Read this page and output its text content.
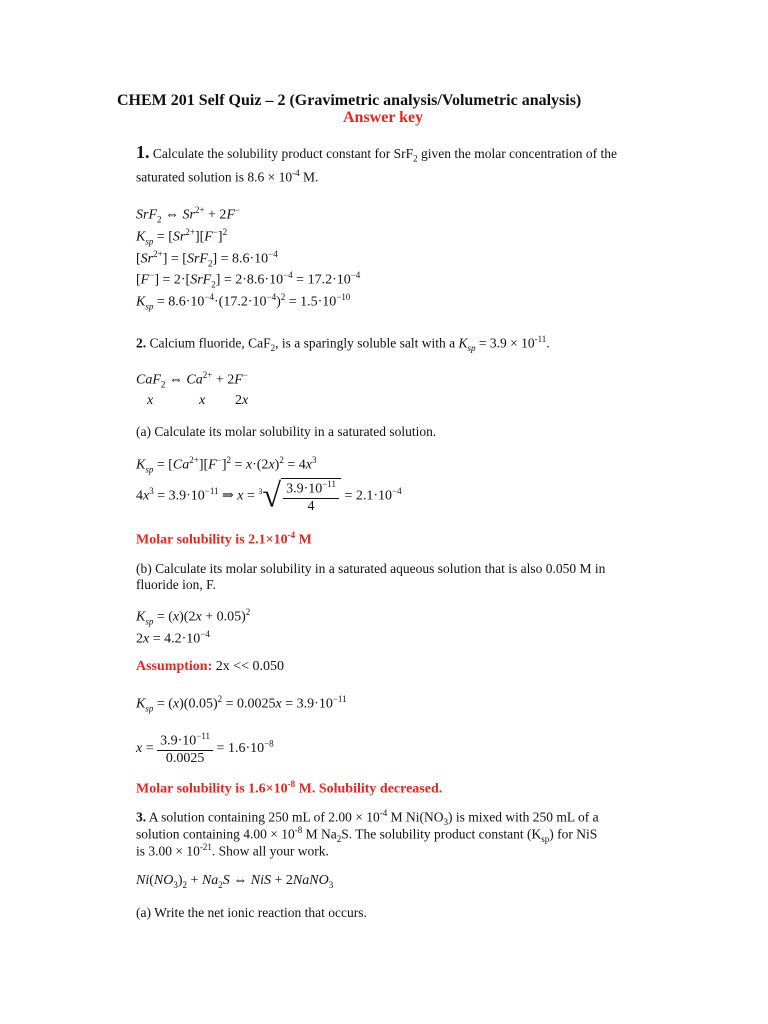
CHEM 201 Self Quiz – 2 (Gravimetric analysis/Volumetric analysis)
Answer key
1. Calculate the solubility product constant for SrF$_2$ given the molar concentration of the
saturated solution is $8.6 \times 10^{-4}$ M.
SrF$_2$ ⇔ $Sr^{2+} + 2F^-$
$K_{sp} = [Sr^{2+}][F^-]^2$
$[Sr^{2+}] = [SrF_2] = 8.6\cdot 10^{-4}$
$[F^-] = 2\cdot[SrF_2] = 2\cdot 8.6\cdot 10^{-4} = 17.2\cdot 10^{-4}$
$K_{sp} = 8.6\cdot 10^{-4}\cdot(17.2\cdot 10^{-4})^2 = 1.5\cdot 10^{-10}$
2. Calcium fluoride, CaF$_2$, is a sparingly soluble salt with a $K_{sp} = 3.9 \times 10^{-11}$.
CaF$_2$ ⇔ $Ca^{2+} + 2F^-$
x	x 2x
(a) Calculate its molar solubility in a saturated solution.
$K_{sp} = [Ca^{2+}][F^-]^2 = x\cdot(2x)^2 = 4x^3$
$4x^3 = 3.9\cdot 10^{-11}$ ⇒ $x = ^3√ \frac{3.9\cdot 10^{-11}}{4} = 2.1\cdot 10^{-4}$
Molar solubility is $2.1\times 10^{-4}$ M
(b) Calculate its molar solubility in a saturated aqueous solution that is also 0.050 M in
fluoride ion, F.
$K_{sp} = (x)(2x + 0.05)^2$
$2x = 4.2\cdot 10^{-4}$
Assumption: 2x << 0.050
$K_{sp} = (x)(0.05)^2 = 0.0025x = 3.9\cdot 10^{-11}$
$x = \frac{3.9\cdot 10^{-11}}{0.0025} = 1.6\cdot 10^{-8}$
Molar solubility is $1.6\times 10^{-8}$ M. Solubility decreased.
3. A solution containing 250 mL of $2.00 \times 10^{-4}$ M $Ni(NO_3)$ is mixed with 250 mL of a
solution containing $4.00 \times 10^{-8}$ M $Na_2S$. The solubility product constant $(K_{sp})$ for NiS
is $3.00 \times 10^{-21}$. Show all your work.
$Ni(NO_3)_2 + Na_2S$ ⇔ NiS + 2NaNO$_3$
(a) Write the net ionic reaction that occurs.
